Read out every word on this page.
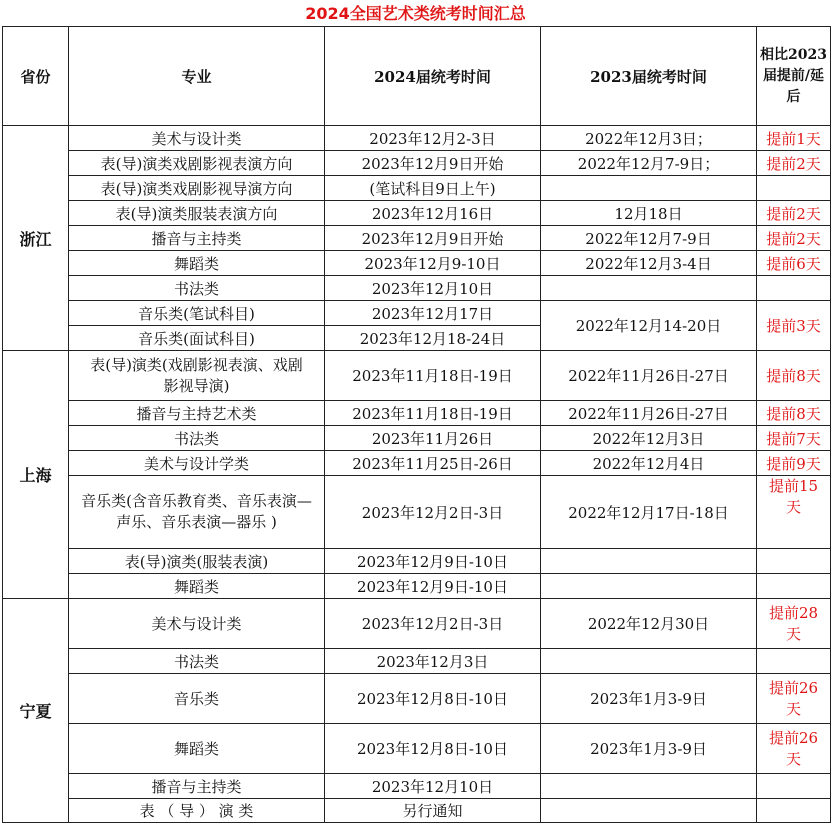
2024全国艺术类统考时间汇总
省份	专业	2024届统考时间	2023届统考时间	相比2023届提前/延后
浙江	美术与设计类	2023年12月2-3日	2022年12月3日；	提前1天
	表(导)演类戏剧影视表演方向	2023年12月9日开始	2022年12月7-9日；	提前2天
	表(导)演类戏剧影视导演方向	(笔试科目9日上午)		
	表(导)演类服装表演方向	2023年12月16日	12月18日	提前2天
	播音与主持类	2023年12月9日开始	2022年12月7-9日	提前2天
	舞蹈类	2023年12月9-10日	2022年12月3-4日	提前6天
	书法类	2023年12月10日		
	音乐类(笔试科目)	2023年12月17日	2022年12月14-20日	提前3天
	音乐类(面试科目)	2023年12月18-24日		
上海	表(导)演类(戏剧影视表演、戏剧影视导演)	2023年11月18日-19日	2022年11月26日-27日	提前8天
	播音与主持艺术类	2023年11月18日-19日	2022年11月26日-27日	提前8天
	书法类	2023年11月26日	2022年12月3日	提前7天
	美术与设计学类	2023年11月25日-26日	2022年12月4日	提前9天
	音乐类(含音乐教育类、音乐表演—声乐、音乐表演—器乐 )	2023年12月2日-3日	2022年12月17日-18日	提前15天
	表(导)演类(服装表演)	2023年12月9日-10日		
	舞蹈类	2023年12月9日-10日		
宁夏	美术与设计类	2023年12月2日-3日	2022年12月30日	提前28天
	书法类	2023年12月3日		
	音乐类	2023年12月8日-10日	2023年1月3-9日	提前26天
	舞蹈类	2023年12月8日-10日	2023年1月3-9日	提前26天
	播音与主持类	2023年12月10日		
	表 （ 导 ） 演 类	另行通知		
